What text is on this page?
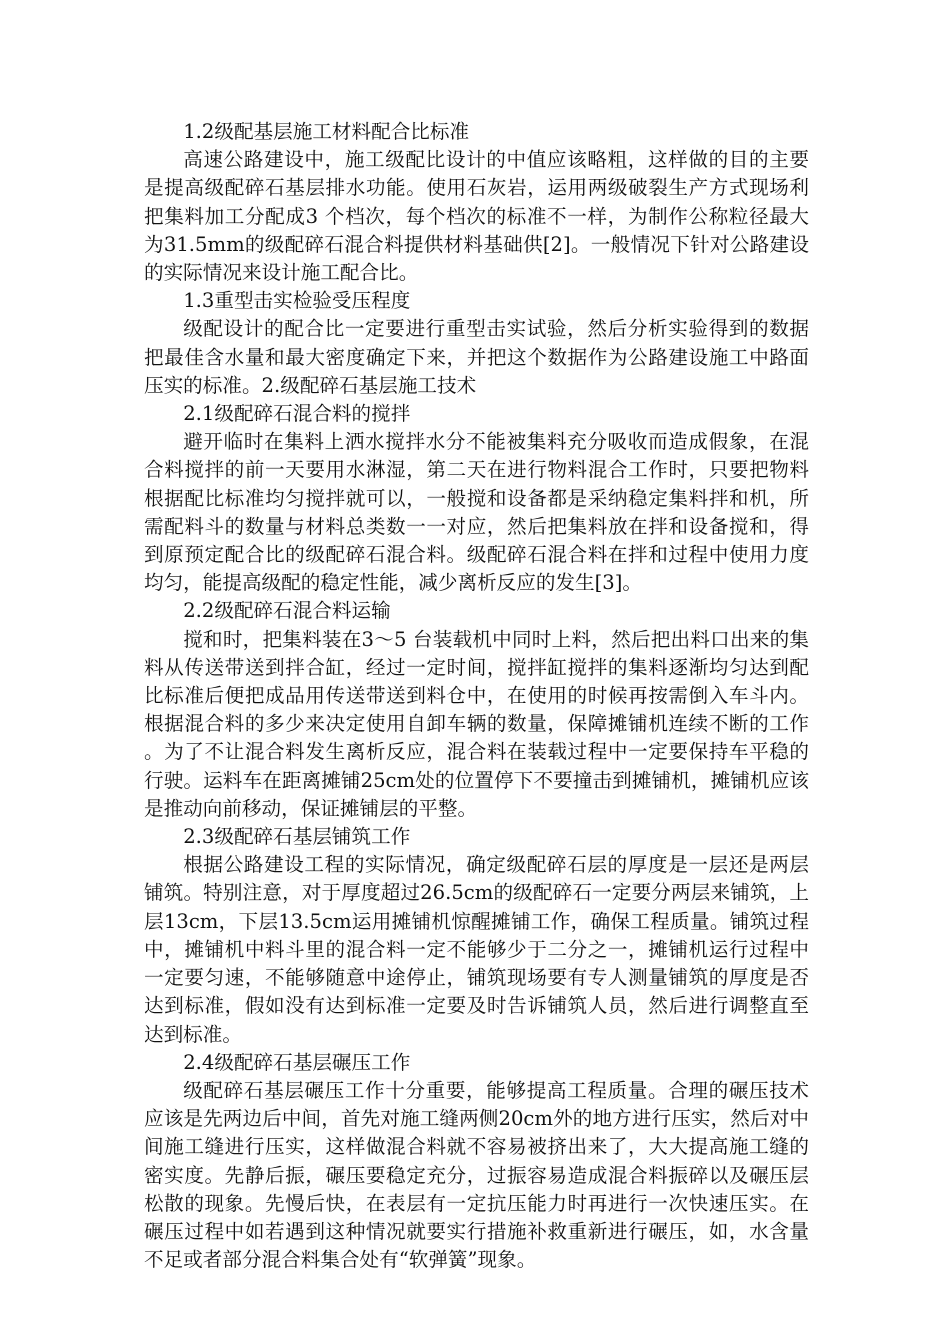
1.2级配基层施工材料配合比标准

高速公路建设中，施工级配比设计的中值应该略粗，这样做的目的主要是提高级配碎石基层排水功能。使用石灰岩，运用两级破裂生产方式现场利把集料加工分配成3 个档次，每个档次的标准不一样，为制作公称粒径最大为31.5mm的级配碎石混合料提供材料基础供[2]。一般情况下针对公路建设的实际情况来设计施工配合比。

1.3重型击实检验受压程度

级配设计的配合比一定要进行重型击实试验，然后分析实验得到的数据把最佳含水量和最大密度确定下来，并把这个数据作为公路建设施工中路面压实的标准。2.级配碎石基层施工技术

2.1级配碎石混合料的搅拌

避开临时在集料上洒水搅拌水分不能被集料充分吸收而造成假象，在混合料搅拌的前一天要用水淋湿，第二天在进行物料混合工作时，只要把物料根据配比标准均匀搅拌就可以，一般搅和设备都是采纳稳定集料拌和机，所需配料斗的数量与材料总类数一一对应，然后把集料放在拌和设备搅和，得到原预定配合比的级配碎石混合料。级配碎石混合料在拌和过程中使用力度均匀，能提高级配的稳定性能，减少离析反应的发生[3]。

2.2级配碎石混合料运输

搅和时，把集料装在3～5 台装载机中同时上料，然后把出料口出来的集料从传送带送到拌合缸，经过一定时间，搅拌缸搅拌的集料逐渐均匀达到配比标准后便把成品用传送带送到料仓中，在使用的时候再按需倒入车斗内。根据混合料的多少来决定使用自卸车辆的数量，保障摊铺机连续不断的工作。为了不让混合料发生离析反应，混合料在装载过程中一定要保持车平稳的行驶。运料车在距离摊铺25cm处的位置停下不要撞击到摊铺机，摊铺机应该是推动向前移动，保证摊铺层的平整。

2.3级配碎石基层铺筑工作

根据公路建设工程的实际情况，确定级配碎石层的厚度是一层还是两层铺筑。特别注意，对于厚度超过26.5cm的级配碎石一定要分两层来铺筑，上层13cm，下层13.5cm运用摊铺机惊醒摊铺工作，确保工程质量。铺筑过程中，摊铺机中料斗里的混合料一定不能够少于二分之一，摊铺机运行过程中一定要匀速，不能够随意中途停止，铺筑现场要有专人测量铺筑的厚度是否达到标准，假如没有达到标准一定要及时告诉铺筑人员，然后进行调整直至达到标准。

2.4级配碎石基层碾压工作

级配碎石基层碾压工作十分重要，能够提高工程质量。合理的碾压技术应该是先两边后中间，首先对施工缝两侧20cm外的地方进行压实，然后对中间施工缝进行压实，这样做混合料就不容易被挤出来了，大大提高施工缝的密实度。先静后振，碾压要稳定充分，过振容易造成混合料振碎以及碾压层松散的现象。先慢后快，在表层有一定抗压能力时再进行一次快速压实。在碾压过程中如若遇到这种情况就要实行措施补救重新进行碾压，如，水含量不足或者部分混合料集合处有“软弹簧”现象。
